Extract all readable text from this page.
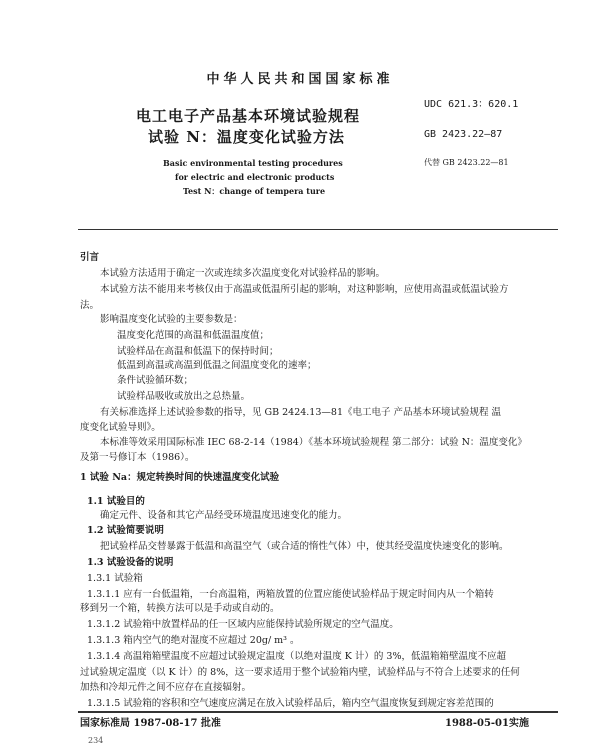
中华人民共和国国家标准
UDC 621.3：620.1
电工电子产品基本环境试验规程
试验 N：温度变化试验方法	GB 2423.22—87
Basic environmental testing procedures	代替 GB 2423.22—81
for electric and electronic products
Test N：change of tempera ture
引言
本试验方法适用于确定一次或连续多次温度变化对试验样品的影响。
本试验方法不能用来考核仅由于高温或低温所引起的影响，对这种影响，应使用高温或低温试验方
法。
影响温度变化试验的主要参数是：
温度变化范围的高温和低温温度值；
试验样品在高温和低温下的保持时间；
低温到高温或高温到低温之间温度变化的速率；
条件试验循环数；
试验样品吸收或放出之总热量。
有关标准选择上述试验参数的指导，见 GB 2424.13—81《电工电子 产品基本环境试验规程 温
度变化试验导则》。
本标准等效采用国际标准 IEC 68-2-14（1984）《基本环境试验规程 第二部分：试验 N：温度变化》
及第一号修订本（1986）。
1 试验 Na：规定转换时间的快速温度变化试验
1.1 试验目的
确定元件、设备和其它产品经受环境温度迅速变化的能力。
1.2 试验简要说明
把试验样品交替暴露于低温和高温空气（或合适的惰性气体）中，使其经受温度快速变化的影响。
1.3 试验设备的说明
1.3.1 试验箱
1.3.1.1 应有一台低温箱，一台高温箱，两箱放置的位置应能使试验样品于规定时间内从一个箱转
移到另一个箱，转换方法可以是手动或自动的。
1.3.1.2 试验箱中放置样品的任一区域内应能保持试验所规定的空气温度。
1.3.1.3 箱内空气的绝对湿度不应超过 20g/ m³ 。
1.3.1.4 高温箱箱壁温度不应超过试验规定温度（以绝对温度 K 计）的 3%，低温箱箱壁温度不应超
过试验规定温度（以 K 计）的 8%，这一要求适用于整个试验箱内壁，试验样品与不符合上述要求的任何
加热和冷却元件之间不应存在直接辐射。
1.3.1.5 试验箱的容积和空气速度应满足在放入试验样品后，箱内空气温度恢复到规定容差范围的
国家标准局 1987-08-17 批准	1988-05-01实施
234
